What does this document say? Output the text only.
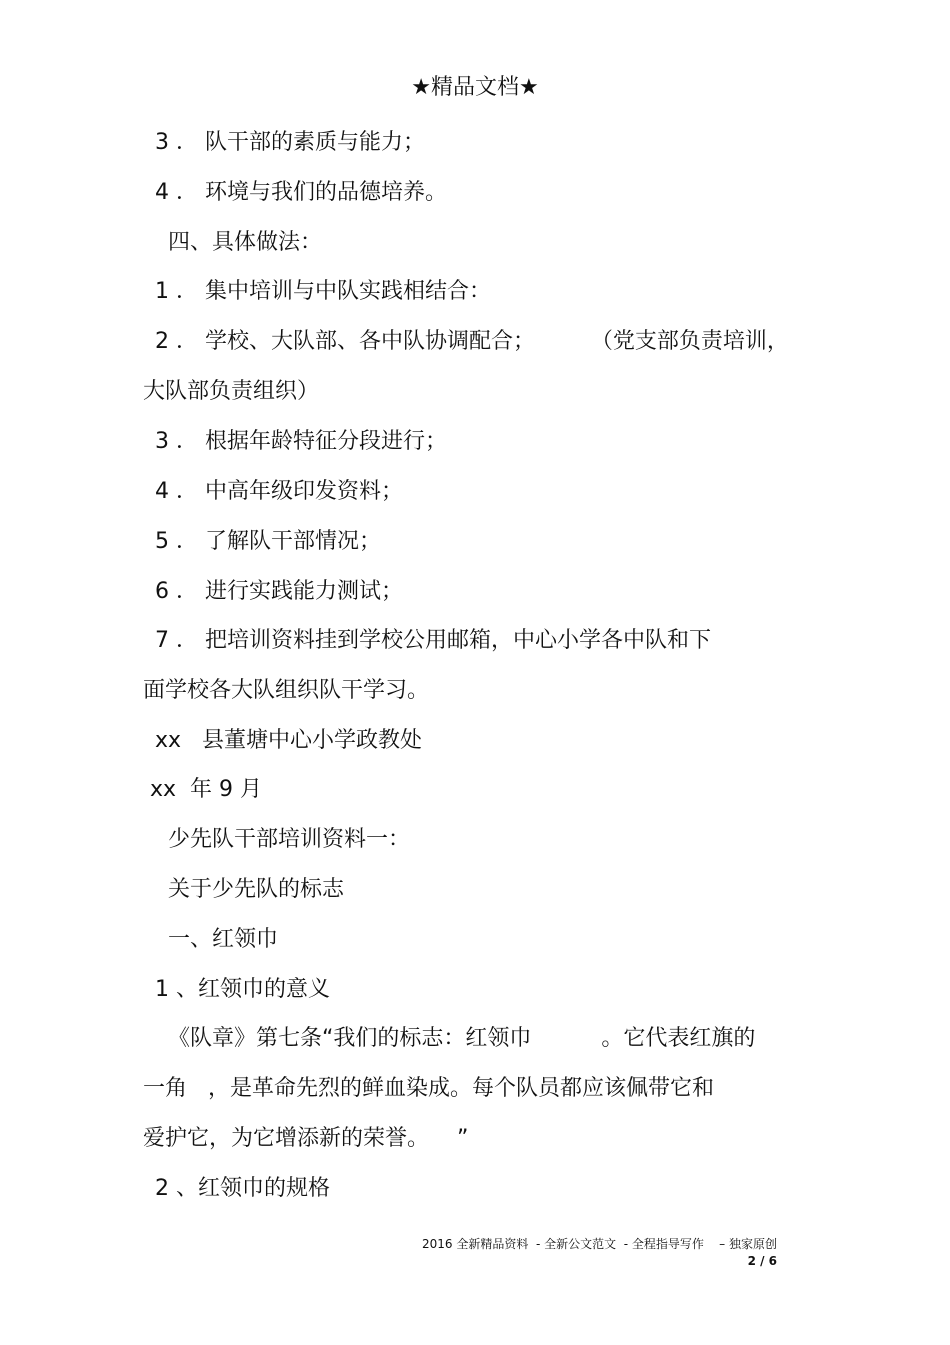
★精品文档★
3 ． 队干部的素质与能力；
4 ． 环境与我们的品德培养。
四、具体做法：
1 ． 集中培训与中队实践相结合：
2 ． 学校、大队部、各中队协调配合；        （党支部负责培训，
大队部负责组织）
3 ． 根据年龄特征分段进行；
4 ． 中高年级印发资料；
5 ． 了解队干部情况；
6 ． 进行实践能力测试；
7 ． 把培训资料挂到学校公用邮箱，中心小学各中队和下
面学校各大队组织队干学习。
xx   县董塘中心小学政教处
xx  年 9 月
少先队干部培训资料一：
关于少先队的标志
一、红领巾
1 、红领巾的意义
《队章》第七条“我们的标志：红领巾          。它代表红旗的
一角   ，是革命先烈的鲜血染成。每个队员都应该佩带它和
爱护它，为它增添新的荣誉。    ”
2 、红领巾的规格
2016 全新精品资料  - 全新公文范文  - 全程指导写作    – 独家原创
2 / 6
